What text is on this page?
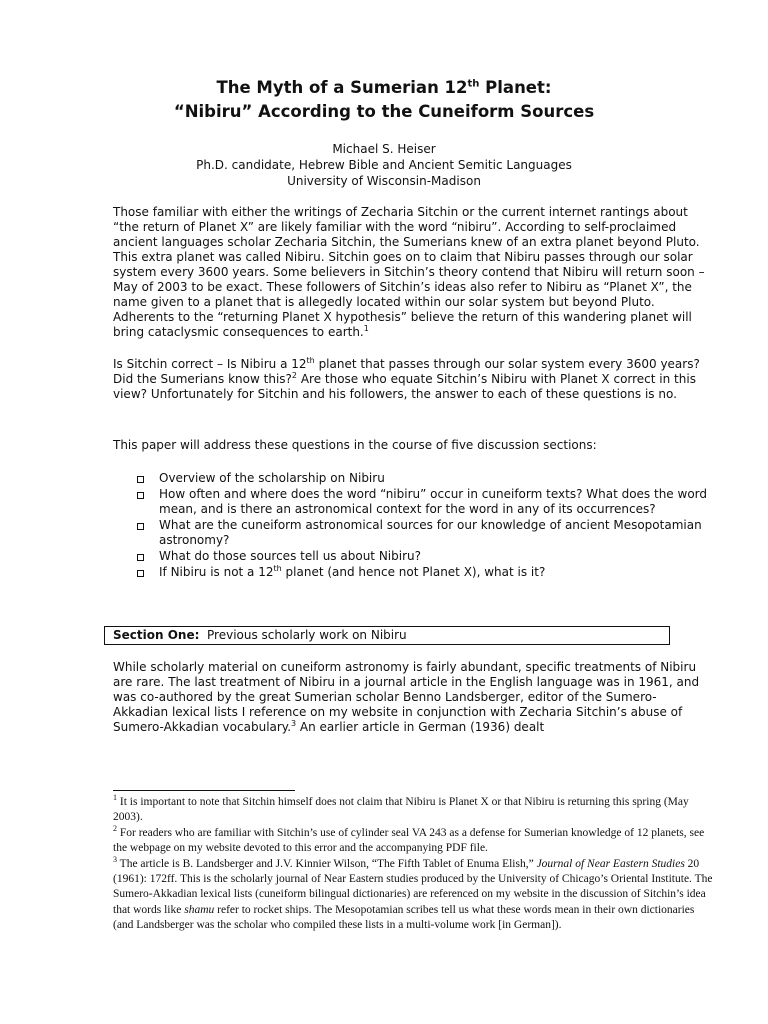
The Myth of a Sumerian 12th Planet:
“Nibiru” According to the Cuneiform Sources
Michael S. Heiser
Ph.D. candidate, Hebrew Bible and Ancient Semitic Languages
University of Wisconsin-Madison
Those familiar with either the writings of Zecharia Sitchin or the current internet rantings about “the return of Planet X” are likely familiar with the word “nibiru”. According to self-proclaimed ancient languages scholar Zecharia Sitchin, the Sumerians knew of an extra planet beyond Pluto. This extra planet was called Nibiru. Sitchin goes on to claim that Nibiru passes through our solar system every 3600 years. Some believers in Sitchin’s theory contend that Nibiru will return soon – May of 2003 to be exact. These followers of Sitchin’s ideas also refer to Nibiru as “Planet X”, the name given to a planet that is allegedly located within our solar system but beyond Pluto. Adherents to the “returning Planet X hypothesis” believe the return of this wandering planet will bring cataclysmic consequences to earth.$^1$
Is Sitchin correct – Is Nibiru a 12th planet that passes through our solar system every 3600 years? Did the Sumerians know this?$^2$ Are those who equate Sitchin’s Nibiru with Planet X correct in this view? Unfortunately for Sitchin and his followers, the answer to each of these questions is no.
This paper will address these questions in the course of five discussion sections:
Overview of the scholarship on Nibiru
How often and where does the word “nibiru” occur in cuneiform texts? What does the word mean, and is there an astronomical context for the word in any of its occurrences?
What are the cuneiform astronomical sources for our knowledge of ancient Mesopotamian astronomy?
What do those sources tell us about Nibiru?
If Nibiru is not a 12th planet (and hence not Planet X), what is it?
Section One: Previous scholarly work on Nibiru
While scholarly material on cuneiform astronomy is fairly abundant, specific treatments of Nibiru are rare. The last treatment of Nibiru in a journal article in the English language was in 1961, and was co-authored by the great Sumerian scholar Benno Landsberger, editor of the Sumero-Akkadian lexical lists I reference on my website in conjunction with Zecharia Sitchin’s abuse of Sumero-Akkadian vocabulary.$^3$ An earlier article in German (1936) dealt

$^1$ It is important to note that Sitchin himself does not claim that Nibiru is Planet X or that Nibiru is returning this spring (May 2003).

$^2$ For readers who are familiar with Sitchin’s use of cylinder seal VA 243 as a defense for Sumerian knowledge of 12 planets, see the webpage on my website devoted to this error and the accompanying PDF file.

$^3$ The article is B. Landsberger and J.V. Kinnier Wilson, “The Fifth Tablet of Enuma Elish,” Journal of Near Eastern Studies 20 (1961): 172ff. This is the scholarly journal of Near Eastern studies produced by the University of Chicago’s Oriental Institute. The Sumero-Akkadian lexical lists (cuneiform bilingual dictionaries) are referenced on my website in the discussion of Sitchin’s idea that words like shamu refer to rocket ships. The Mesopotamian scribes tell us what these words mean in their own dictionaries (and Landsberger was the scholar who compiled these lists in a multi-volume work [in German]).
